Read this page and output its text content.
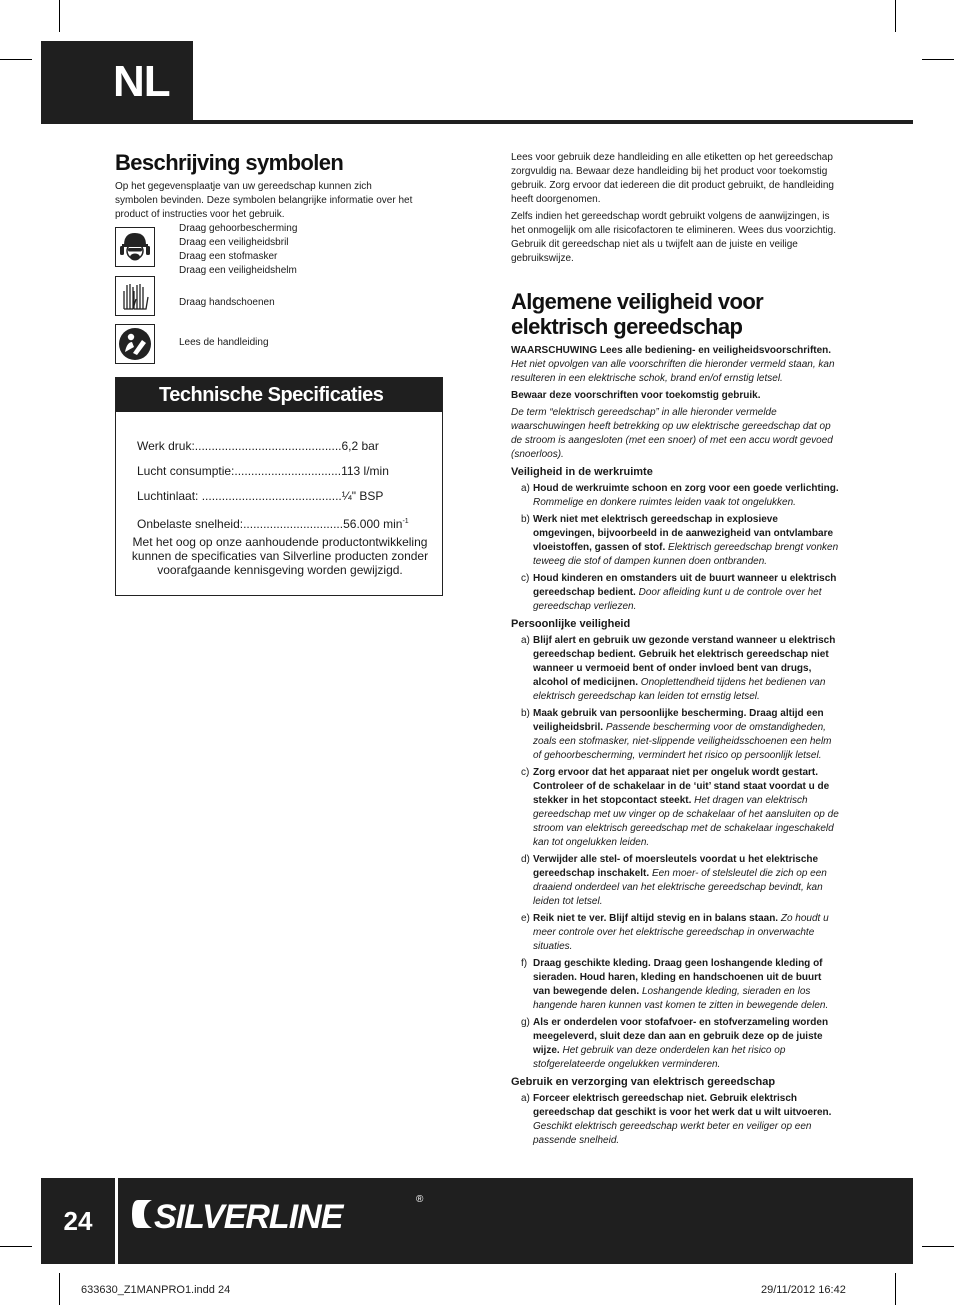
NL
Beschrijving symbolen

Op het gegevensplaatje van uw gereedschap kunnen zich symbolen bevinden. Deze symbolen belangrijke informatie over het product of instructies voor het gebruik.

Draag gehoorbescherming
Draag een veiligheidsbril
Draag een stofmasker
Draag een veiligheidshelm
Draag handschoenen
Lees de handleiding
Technische Specificaties
Werk druk:............................................6,2 bar
Lucht consumptie:................................113 l/min
Luchtinlaat: ..........................................¼" BSP
Onbelaste snelheid:..............................56.000 $\min^{-1}$
Met het oog op onze aanhoudende productontwikkeling kunnen de specificaties van Silverline producten zonder voorafgaande kennisgeving worden gewijzigd.

Lees voor gebruik deze handleiding en alle etiketten op het gereedschap zorgvuldig na. Bewaar deze handleiding bij het product voor toekomstig gebruik. Zorg ervoor dat iedereen die dit product gebruikt, de handleiding heeft doorgenomen.

Zelfs indien het gereedschap wordt gebruikt volgens de aanwijzingen, is het onmogelijk om alle risicofactoren te elimineren. Wees dus voorzichtig. Gebruik dit gereedschap niet als u twijfelt aan de juiste en veilige gebruikswijze.

Algemene veiligheid voor elektrisch gereedschap

WAARSCHUWING Lees alle bediening- en veiligheidsvoorschriften.
Het niet opvolgen van alle voorschriften die hieronder vermeld staan, kan resulteren in een elektrische schok, brand en/of ernstig letsel.

Bewaar deze voorschriften voor toekomstig gebruik.

De term “elektrisch gereedschap” in alle hieronder vermelde waarschuwingen heeft betrekking op uw elektrische gereedschap dat op de stroom is aangesloten (met een snoer) of met een accu wordt gevoed (snoerloos).

Veiligheid in de werkruimte
a) Houd de werkruimte schoon en zorg voor een goede verlichting. Rommelige en donkere ruimtes leiden vaak tot ongelukken.
b) Werk niet met elektrisch gereedschap in explosieve omgevingen, bijvoorbeeld in de aanwezigheid van ontvlambare vloeistoffen, gassen of stof. Elektrisch gereedschap brengt vonken teweeg die stof of dampen kunnen doen ontbranden.
c) Houd kinderen en omstanders uit de buurt wanneer u elektrisch gereedschap bedient. Door afleiding kunt u de controle over het gereedschap verliezen.
Persoonlijke veiligheid
a) Blijf alert en gebruik uw gezonde verstand wanneer u elektrisch gereedschap bedient. Gebruik het elektrisch gereedschap niet wanneer u vermoeid bent of onder invloed bent van drugs, alcohol of medicijnen. Onoplettendheid tijdens het bedienen van elektrisch gereedschap kan leiden tot ernstig letsel.
b) Maak gebruik van persoonlijke bescherming. Draag altijd een veiligheidsbril. Passende bescherming voor de omstandigheden, zoals een stofmasker, niet-slippende veiligheidsschoenen een helm of gehoorbescherming, vermindert het risico op persoonlijk letsel.
c) Zorg ervoor dat het apparaat niet per ongeluk wordt gestart. Controleer of de schakelaar in de ‘uit’ stand staat voordat u de stekker in het stopcontact steekt. Het dragen van elektrisch gereedschap met uw vinger op de schakelaar of het aansluiten op de stroom van elektrisch gereedschap met de schakelaar ingeschakeld kan tot ongelukken leiden.
d) Verwijder alle stel- of moersleutels voordat u het elektrische gereedschap inschakelt. Een moer- of stelsleutel die zich op een draaiend onderdeel van het elektrische gereedschap bevindt, kan leiden tot letsel.
e) Reik niet te ver. Blijf altijd stevig en in balans staan. Zo houdt u meer controle over het elektrische gereedschap in onverwachte situaties.
f) Draag geschikte kleding. Draag geen loshangende kleding of sieraden. Houd haren, kleding en handschoenen uit de buurt van bewegende delen. Loshangende kleding, sieraden en los hangende haren kunnen vast komen te zitten in bewegende delen.
g) Als er onderdelen voor stofafvoer- en stofverzameling worden meegeleverd, sluit deze dan aan en gebruik deze op de juiste wijze. Het gebruik van deze onderdelen kan het risico op stofgerelateerde ongelukken verminderen.
Gebruik en verzorging van elektrisch gereedschap
a) Forceer elektrisch gereedschap niet. Gebruik elektrisch gereedschap dat geschikt is voor het werk dat u wilt uitvoeren. Geschikt elektrisch gereedschap werkt beter en veiliger op een passende snelheid.
24	SILVERLINE	®
633630_Z1MANPRO1.indd 24	29/11/2012 16:42
